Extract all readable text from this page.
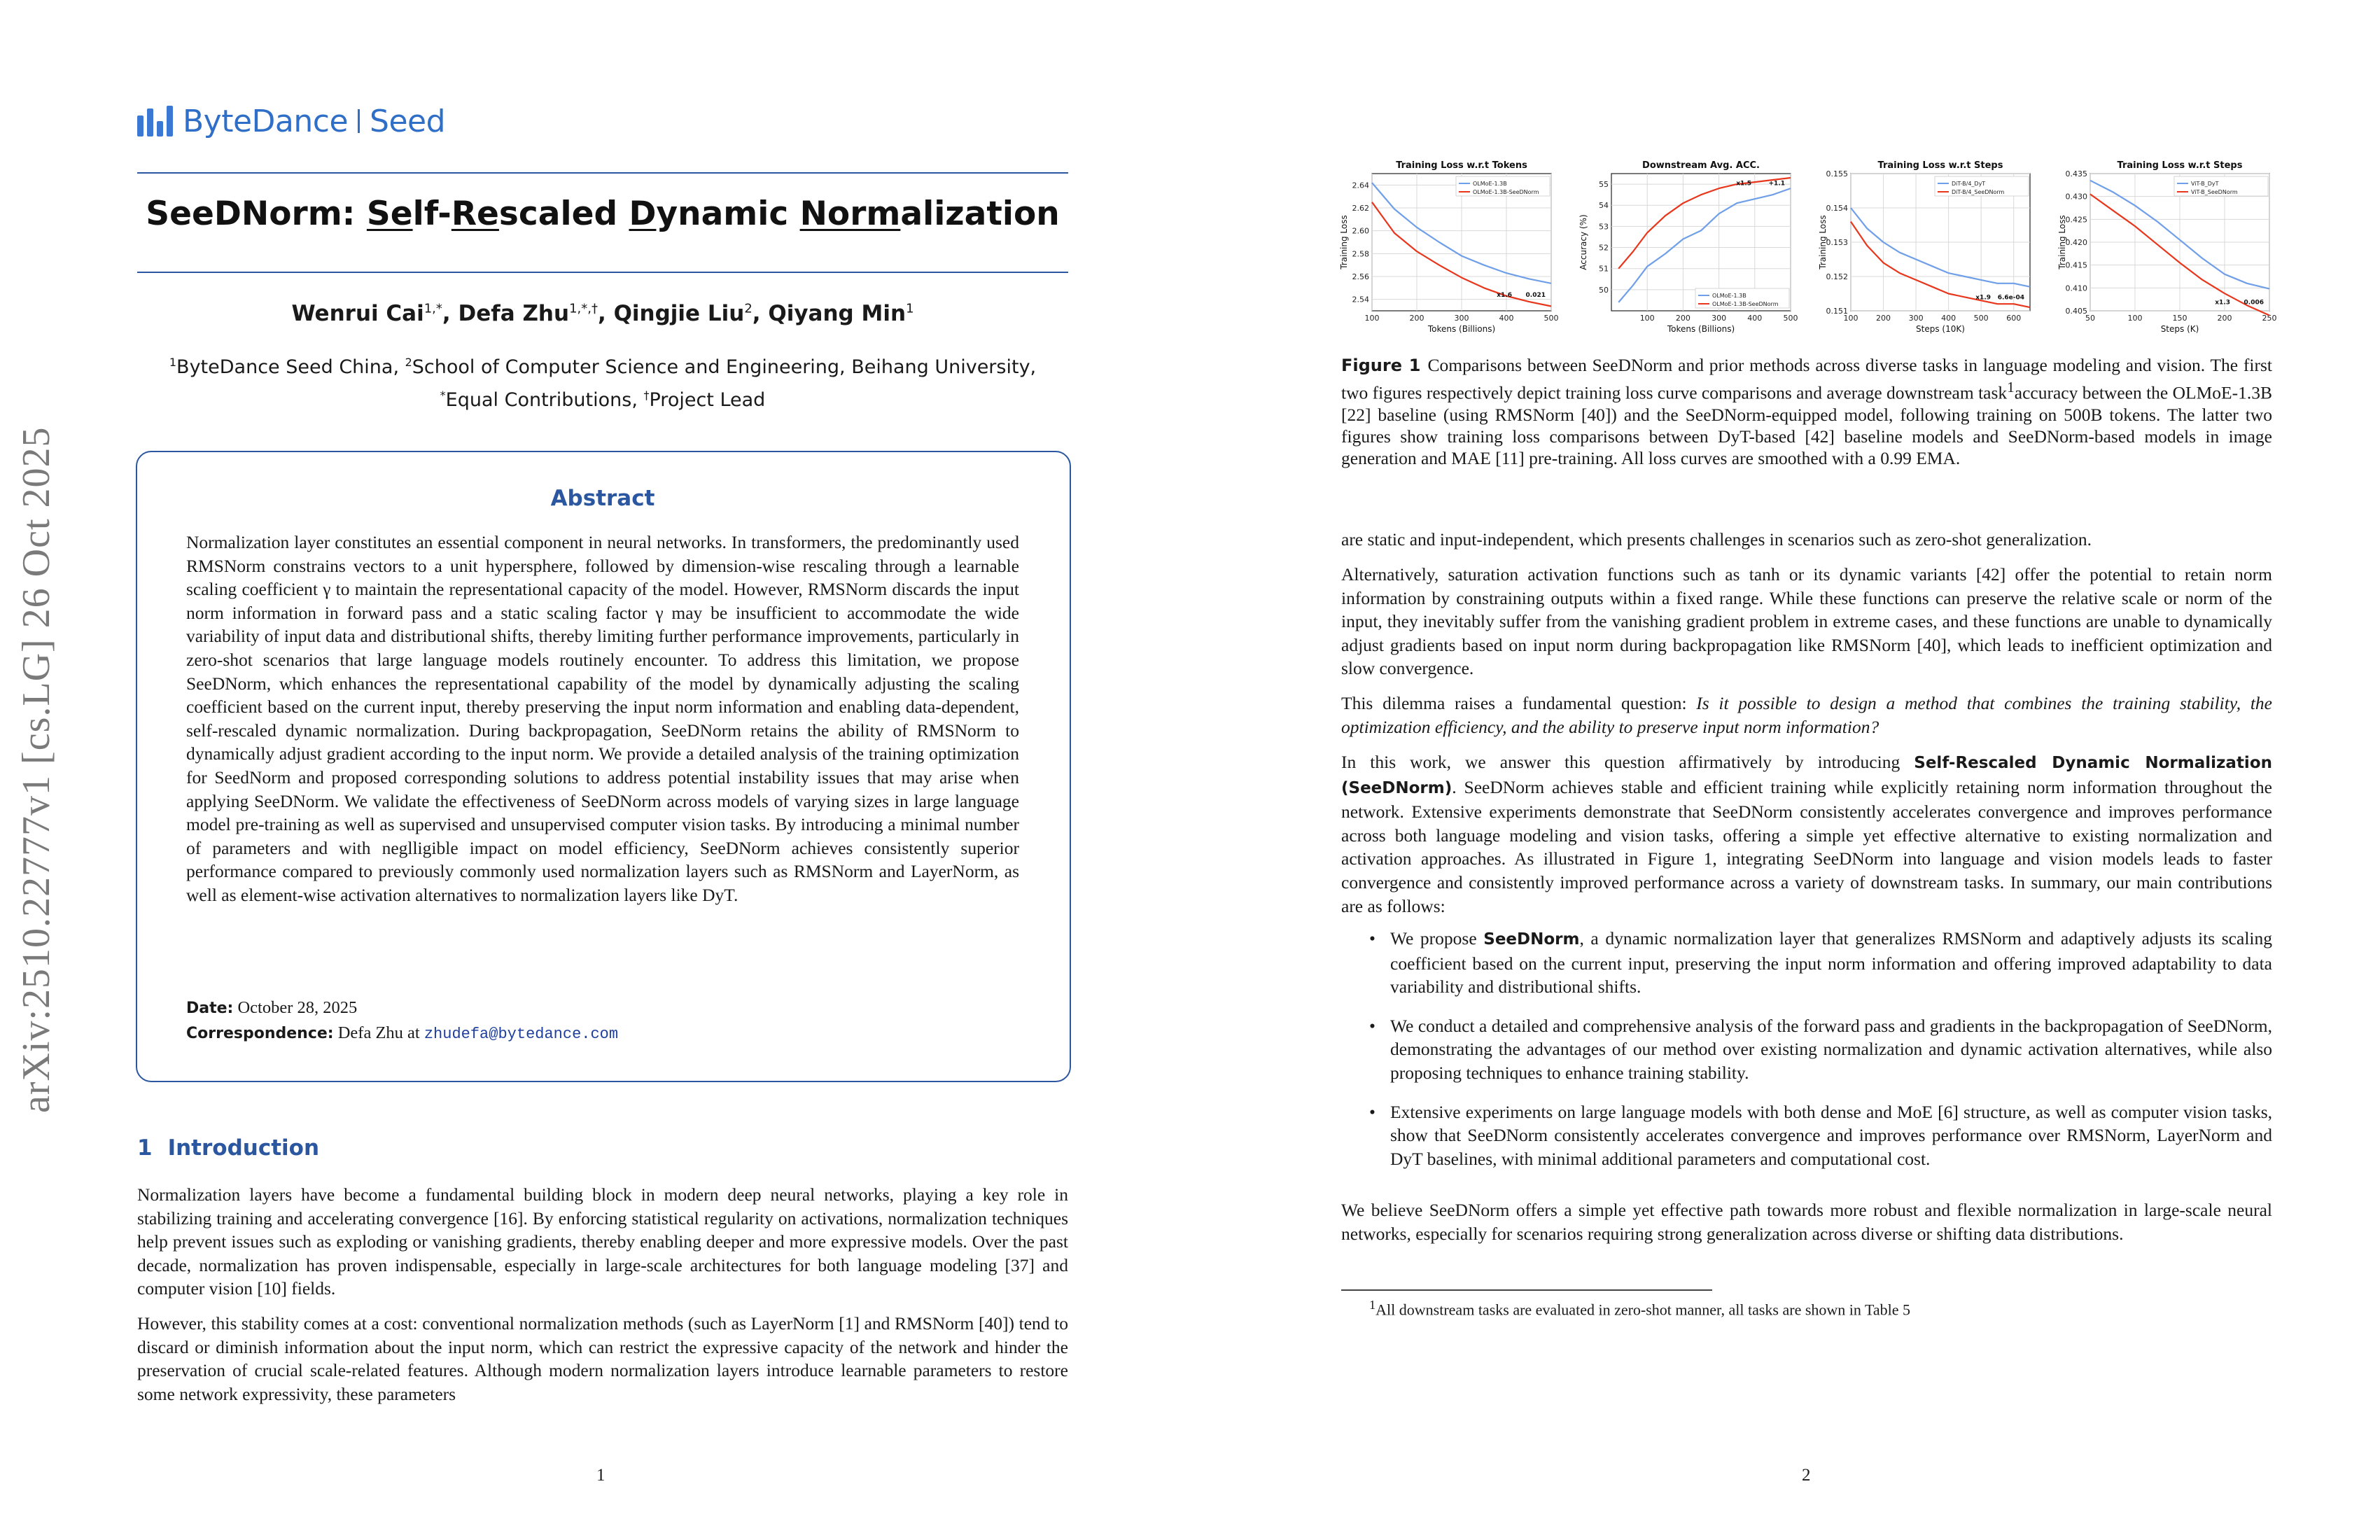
arXiv:2510.22777v1 [cs.LG] 26 Oct 2025
ByteDance Seed
SeeDNorm: Self-Rescaled Dynamic Normalization
Wenrui Cai$^{1,*}$, Defa Zhu$^{1,*,\dagger}$, Qingjie Liu$^2$, Qiyang Min$^1$
$^1$ByteDance Seed China, $^2$School of Computer Science and Engineering, Beihang University,
*Equal Contributions, †Project Lead
Abstract

Normalization layer constitutes an essential component in neural networks. In transformers, the predominantly used RMSNorm constrains vectors to a unit hypersphere, followed by dimension-wise rescaling through a learnable scaling coefficient γ to maintain the representational capacity of the model. However, RMSNorm discards the input norm information in forward pass and a static scaling factor γ may be insufficient to accommodate the wide variability of input data and distributional shifts, thereby limiting further performance improvements, particularly in zero-shot scenarios that large language models routinely encounter. To address this limitation, we propose SeeDNorm, which enhances the representational capability of the model by dynamically adjusting the scaling coefficient based on the current input, thereby preserving the input norm information and enabling data-dependent, self-rescaled dynamic normalization. During backpropagation, SeeDNorm retains the ability of RMSNorm to dynamically adjust gradient according to the input norm. We provide a detailed analysis of the training optimization for SeedNorm and proposed corresponding solutions to address potential instability issues that may arise when applying SeeDNorm. We validate the effectiveness of SeeDNorm across models of varying sizes in large language model pre-training as well as supervised and unsupervised computer vision tasks. By introducing a minimal number of parameters and with neglligible impact on model efficiency, SeeDNorm achieves consistently superior performance compared to previously commonly used normalization layers such as RMSNorm and LayerNorm, as well as element-wise activation alternatives to normalization layers like DyT.

Date: October 28, 2025
Correspondence: Defa Zhu at zhudefa@bytedance.com
1 Introduction

Normalization layers have become a fundamental building block in modern deep neural networks, playing a key role in stabilizing training and accelerating convergence [16]. By enforcing statistical regularity on activations, normalization techniques help prevent issues such as exploding or vanishing gradients, thereby enabling deeper and more expressive models. Over the past decade, normalization has proven indispensable, especially in large-scale architectures for both language modeling [37] and computer vision [10] fields.

However, this stability comes at a cost: conventional normalization methods (such as LayerNorm [1] and RMSNorm [40]) tend to discard or diminish information about the input norm, which can restrict the expressive capacity of the network and hinder the preservation of crucial scale-related features. Although modern normalization layers introduce learnable parameters to restore some network expressivity, these parameters

1	2
100	200	300	400	500
2.54
2.56
2.58
2.60
2.62
2.64
Training Loss w.r.t Tokens
Tokens (Billions)
Training Loss
OLMoE-1.3B
OLMoE-1.3B-SeeDNorm
x1.6 0.021
100	200	300	400	500
50
51
52
53
54
55
Downstream Avg. ACC.
Tokens (Billions)
Accuracy (%)
OLMoE-1.3B
OLMoE-1.3B-SeeDNorm
x1.5	+1.1
100 200 300 400 500 600
0.151
0.152
0.153
0.154
0.155
Training Loss w.r.t Steps
Steps (10K)
Training Loss
DiT-B/4_DyT
DiT-B/4_SeeDNorm
x1.9 6.6e-04
50	100	150	200	250
0.405
0.410
0.415
0.420
0.425
0.430
0.435
Training Loss w.r.t Steps
Steps (K)
Training Loss
ViT-B_DyT
ViT-B_SeeDNorm
x1.3 0.006

Figure 1 Comparisons between SeeDNorm and prior methods across diverse tasks in language modeling and vision. The first two figures respectively depict training loss curve comparisons and average downstream task$^1$accuracy between the OLMoE-1.3B [22] baseline (using RMSNorm [40]) and the SeeDNorm-equipped model, following training on 500B tokens. The latter two figures show training loss comparisons between DyT-based [42] baseline models and SeeDNorm-based models in image generation and MAE [11] pre-training. All loss curves are smoothed with a 0.99 EMA.

are static and input-independent, which presents challenges in scenarios such as zero-shot generalization.

Alternatively, saturation activation functions such as tanh or its dynamic variants [42] offer the potential to retain norm information by constraining outputs within a fixed range. While these functions can preserve the relative scale or norm of the input, they inevitably suffer from the vanishing gradient problem in extreme cases, and these functions are unable to dynamically adjust gradients based on input norm during backpropagation like RMSNorm [40], which leads to inefficient optimization and slow convergence.

This dilemma raises a fundamental question: Is it possible to design a method that combines the training stability, the optimization efficiency, and the ability to preserve input norm information?

In this work, we answer this question affirmatively by introducing Self-Rescaled Dynamic Normalization (SeeDNorm). SeeDNorm achieves stable and efficient training while explicitly retaining norm information throughout the network. Extensive experiments demonstrate that SeeDNorm consistently accelerates convergence and improves performance across both language modeling and vision tasks, offering a simple yet effective alternative to existing normalization and activation approaches. As illustrated in Figure 1, integrating SeeDNorm into language and vision models leads to faster convergence and consistently improved performance across a variety of downstream tasks. In summary, our main contributions are as follows:

• We propose SeeDNorm, a dynamic normalization layer that generalizes RMSNorm and adaptively adjusts its scaling coefficient based on the current input, preserving the input norm information and offering improved adaptability to data variability and distributional shifts.
• We conduct a detailed and comprehensive analysis of the forward pass and gradients in the backpropagation of SeeDNorm, demonstrating the advantages of our method over existing normalization and dynamic activation alternatives, while also proposing techniques to enhance training stability.
• Extensive experiments on large language models with both dense and MoE [6] structure, as well as computer vision tasks, show that SeeDNorm consistently accelerates convergence and improves performance over RMSNorm, LayerNorm and DyT baselines, with minimal additional parameters and computational cost.

We believe SeeDNorm offers a simple yet effective path towards more robust and flexible normalization in large-scale neural networks, especially for scenarios requiring strong generalization across diverse or shifting data distributions.

$^1$All downstream tasks are evaluated in zero-shot manner, all tasks are shown in Table 5
